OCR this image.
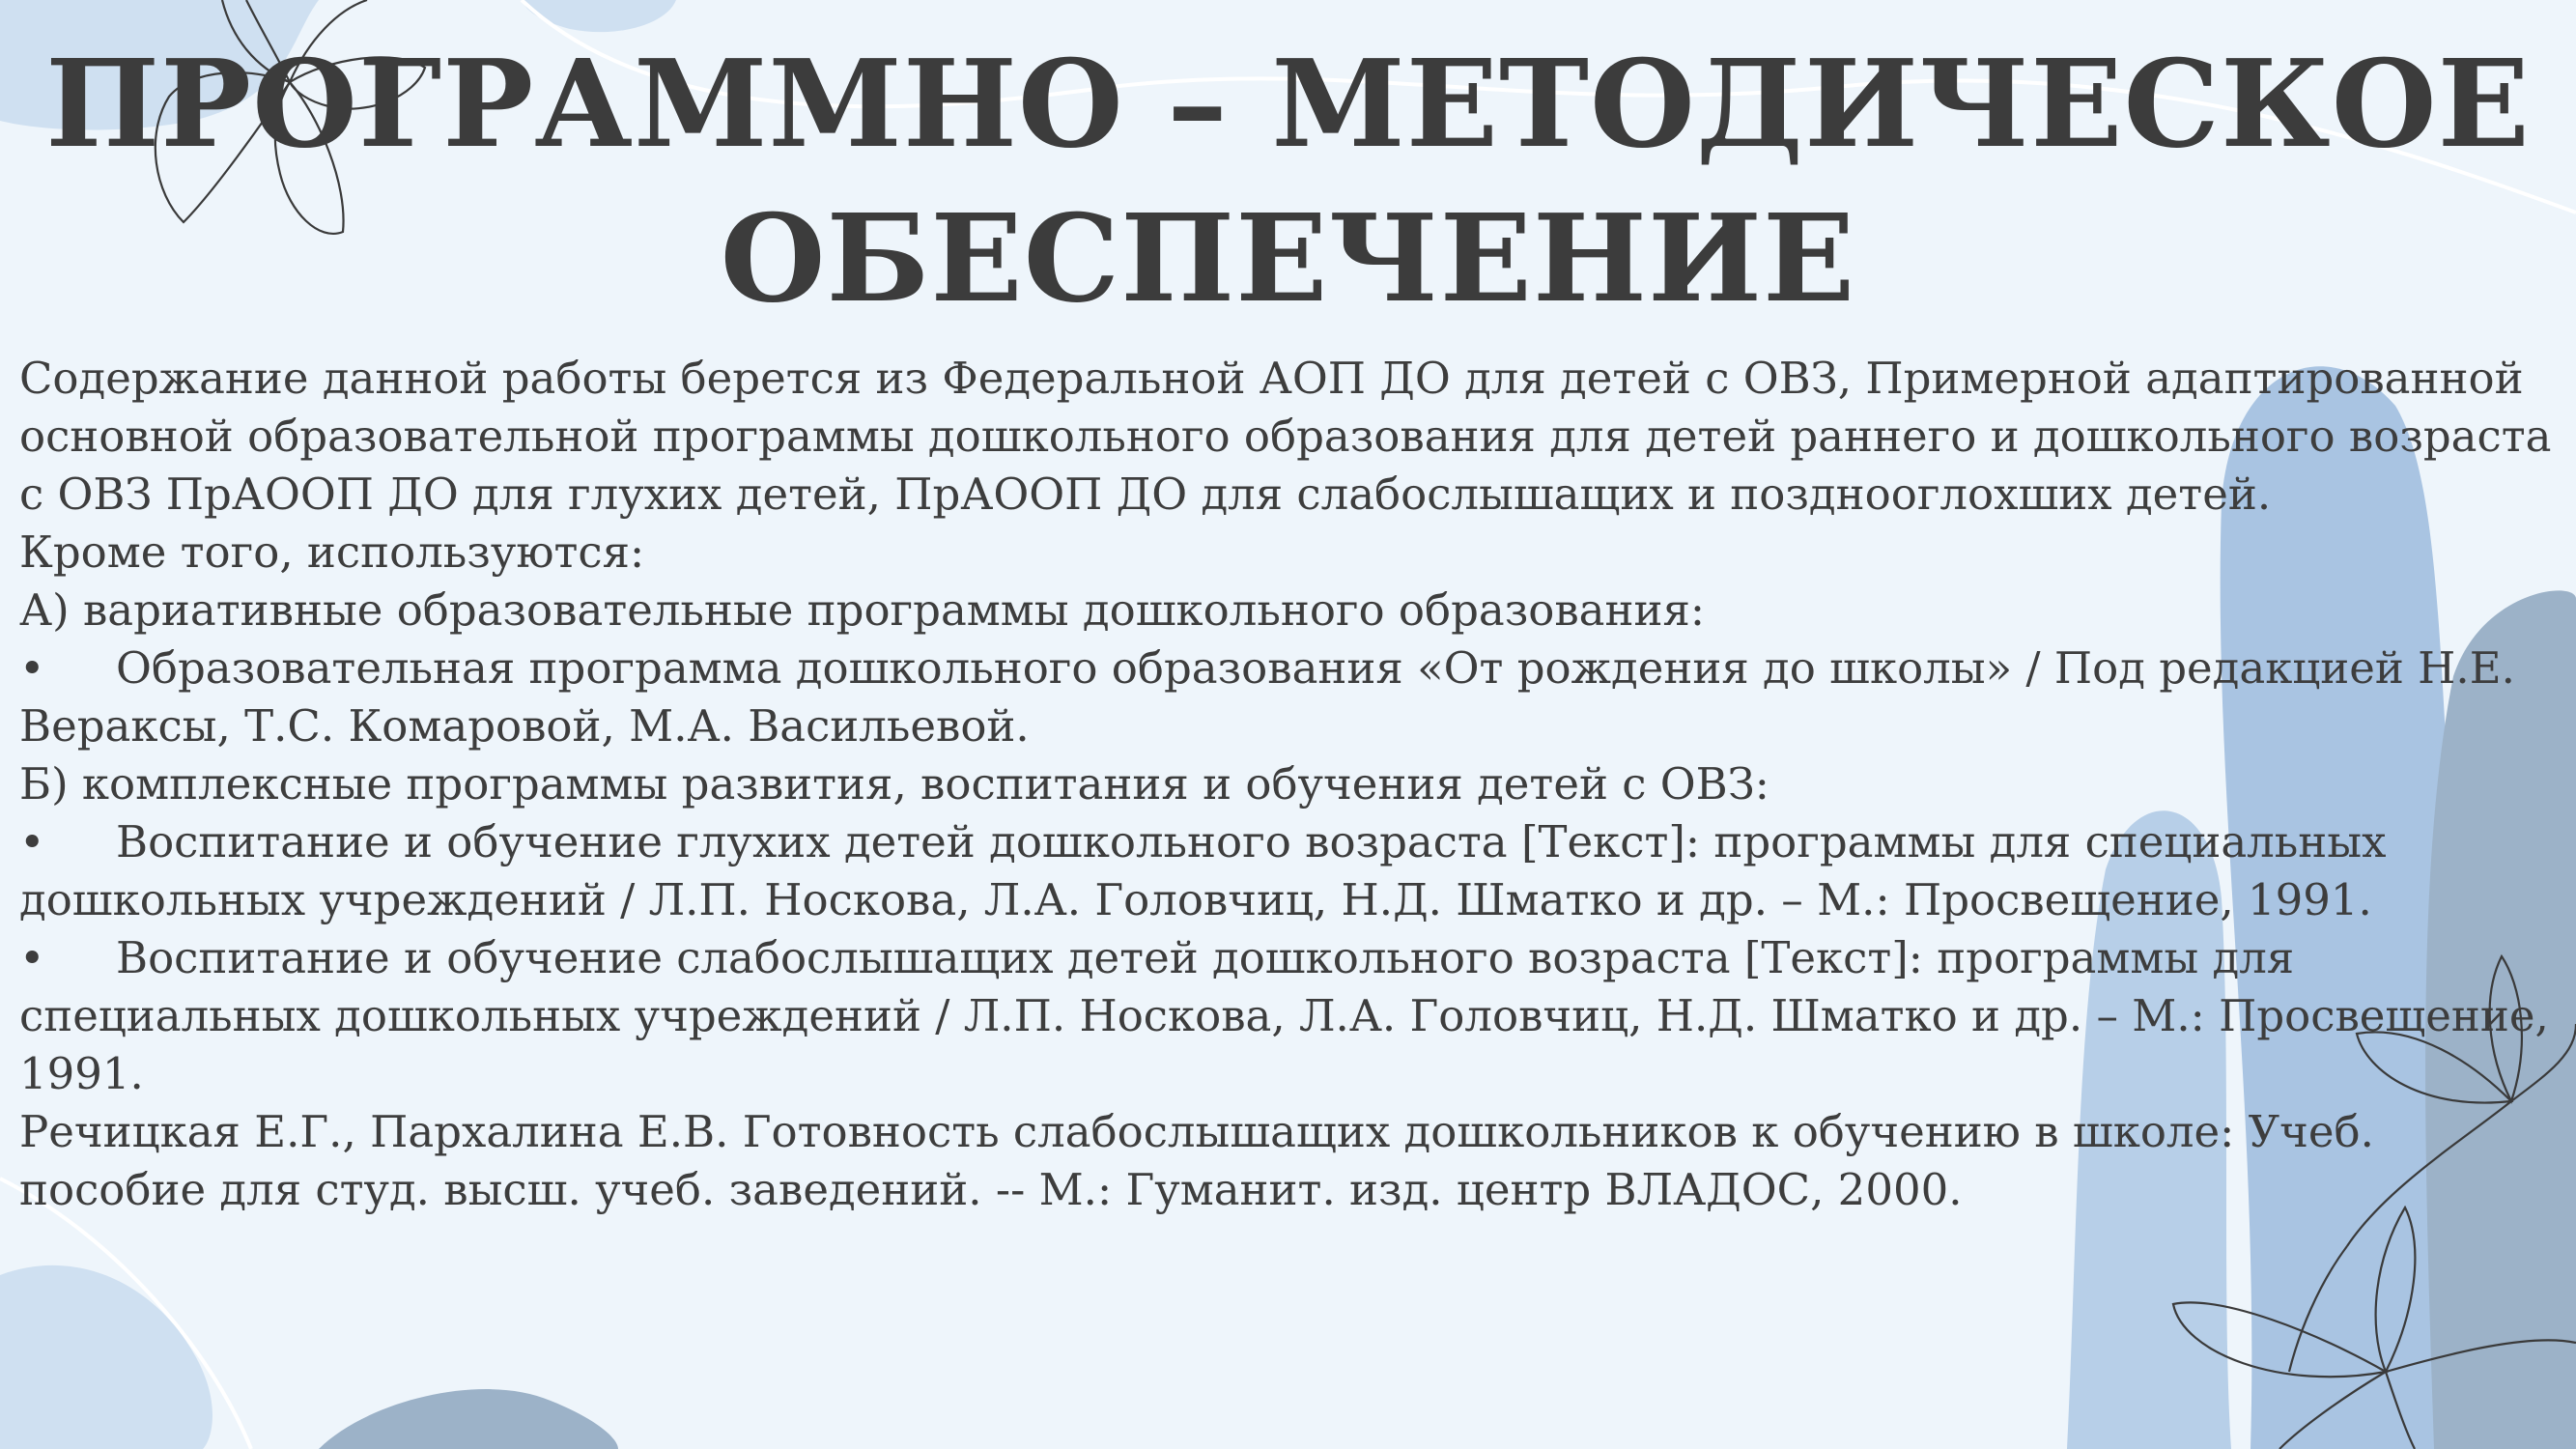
ПРОГРАММНО – МЕТОДИЧЕСКОЕ
ОБЕСПЕЧЕНИЕ

Содержание данной работы берется из Федеральной АОП ДО для детей с ОВЗ, Примерной адаптированной основной образовательной программы дошкольного образования для детей раннего и дошкольного возраста с ОВЗ ПрАООП ДО для глухих детей, ПрАООП ДО для слабослышащих и позднооглохших детей.

Кроме того, используются:

А) вариативные образовательные программы дошкольного образования:

• Образовательная программа дошкольного образования «От рождения до школы» / Под редакцией Н.Е. Вераксы, Т.С. Комаровой, М.А. Васильевой.

Б) комплексные программы развития, воспитания и обучения детей с ОВЗ:

• Воспитание и обучение глухих детей дошкольного возраста [Текст]: программы для специальных дошкольных учреждений / Л.П. Носкова, Л.А. Головчиц, Н.Д. Шматко и др. – М.: Просвещение, 1991.

• Воспитание и обучение слабослышащих детей дошкольного возраста [Текст]: программы для специальных дошкольных учреждений / Л.П. Носкова, Л.А. Головчиц, Н.Д. Шматко и др. – М.: Просвещение, 1991.

Речицкая Е.Г., Пархалина Е.В. Готовность слабослышащих дошкольников к обучению в школе: Учеб. пособие для студ. высш. учеб. заведений. -- М.: Гуманит. изд. центр ВЛАДОС, 2000.
